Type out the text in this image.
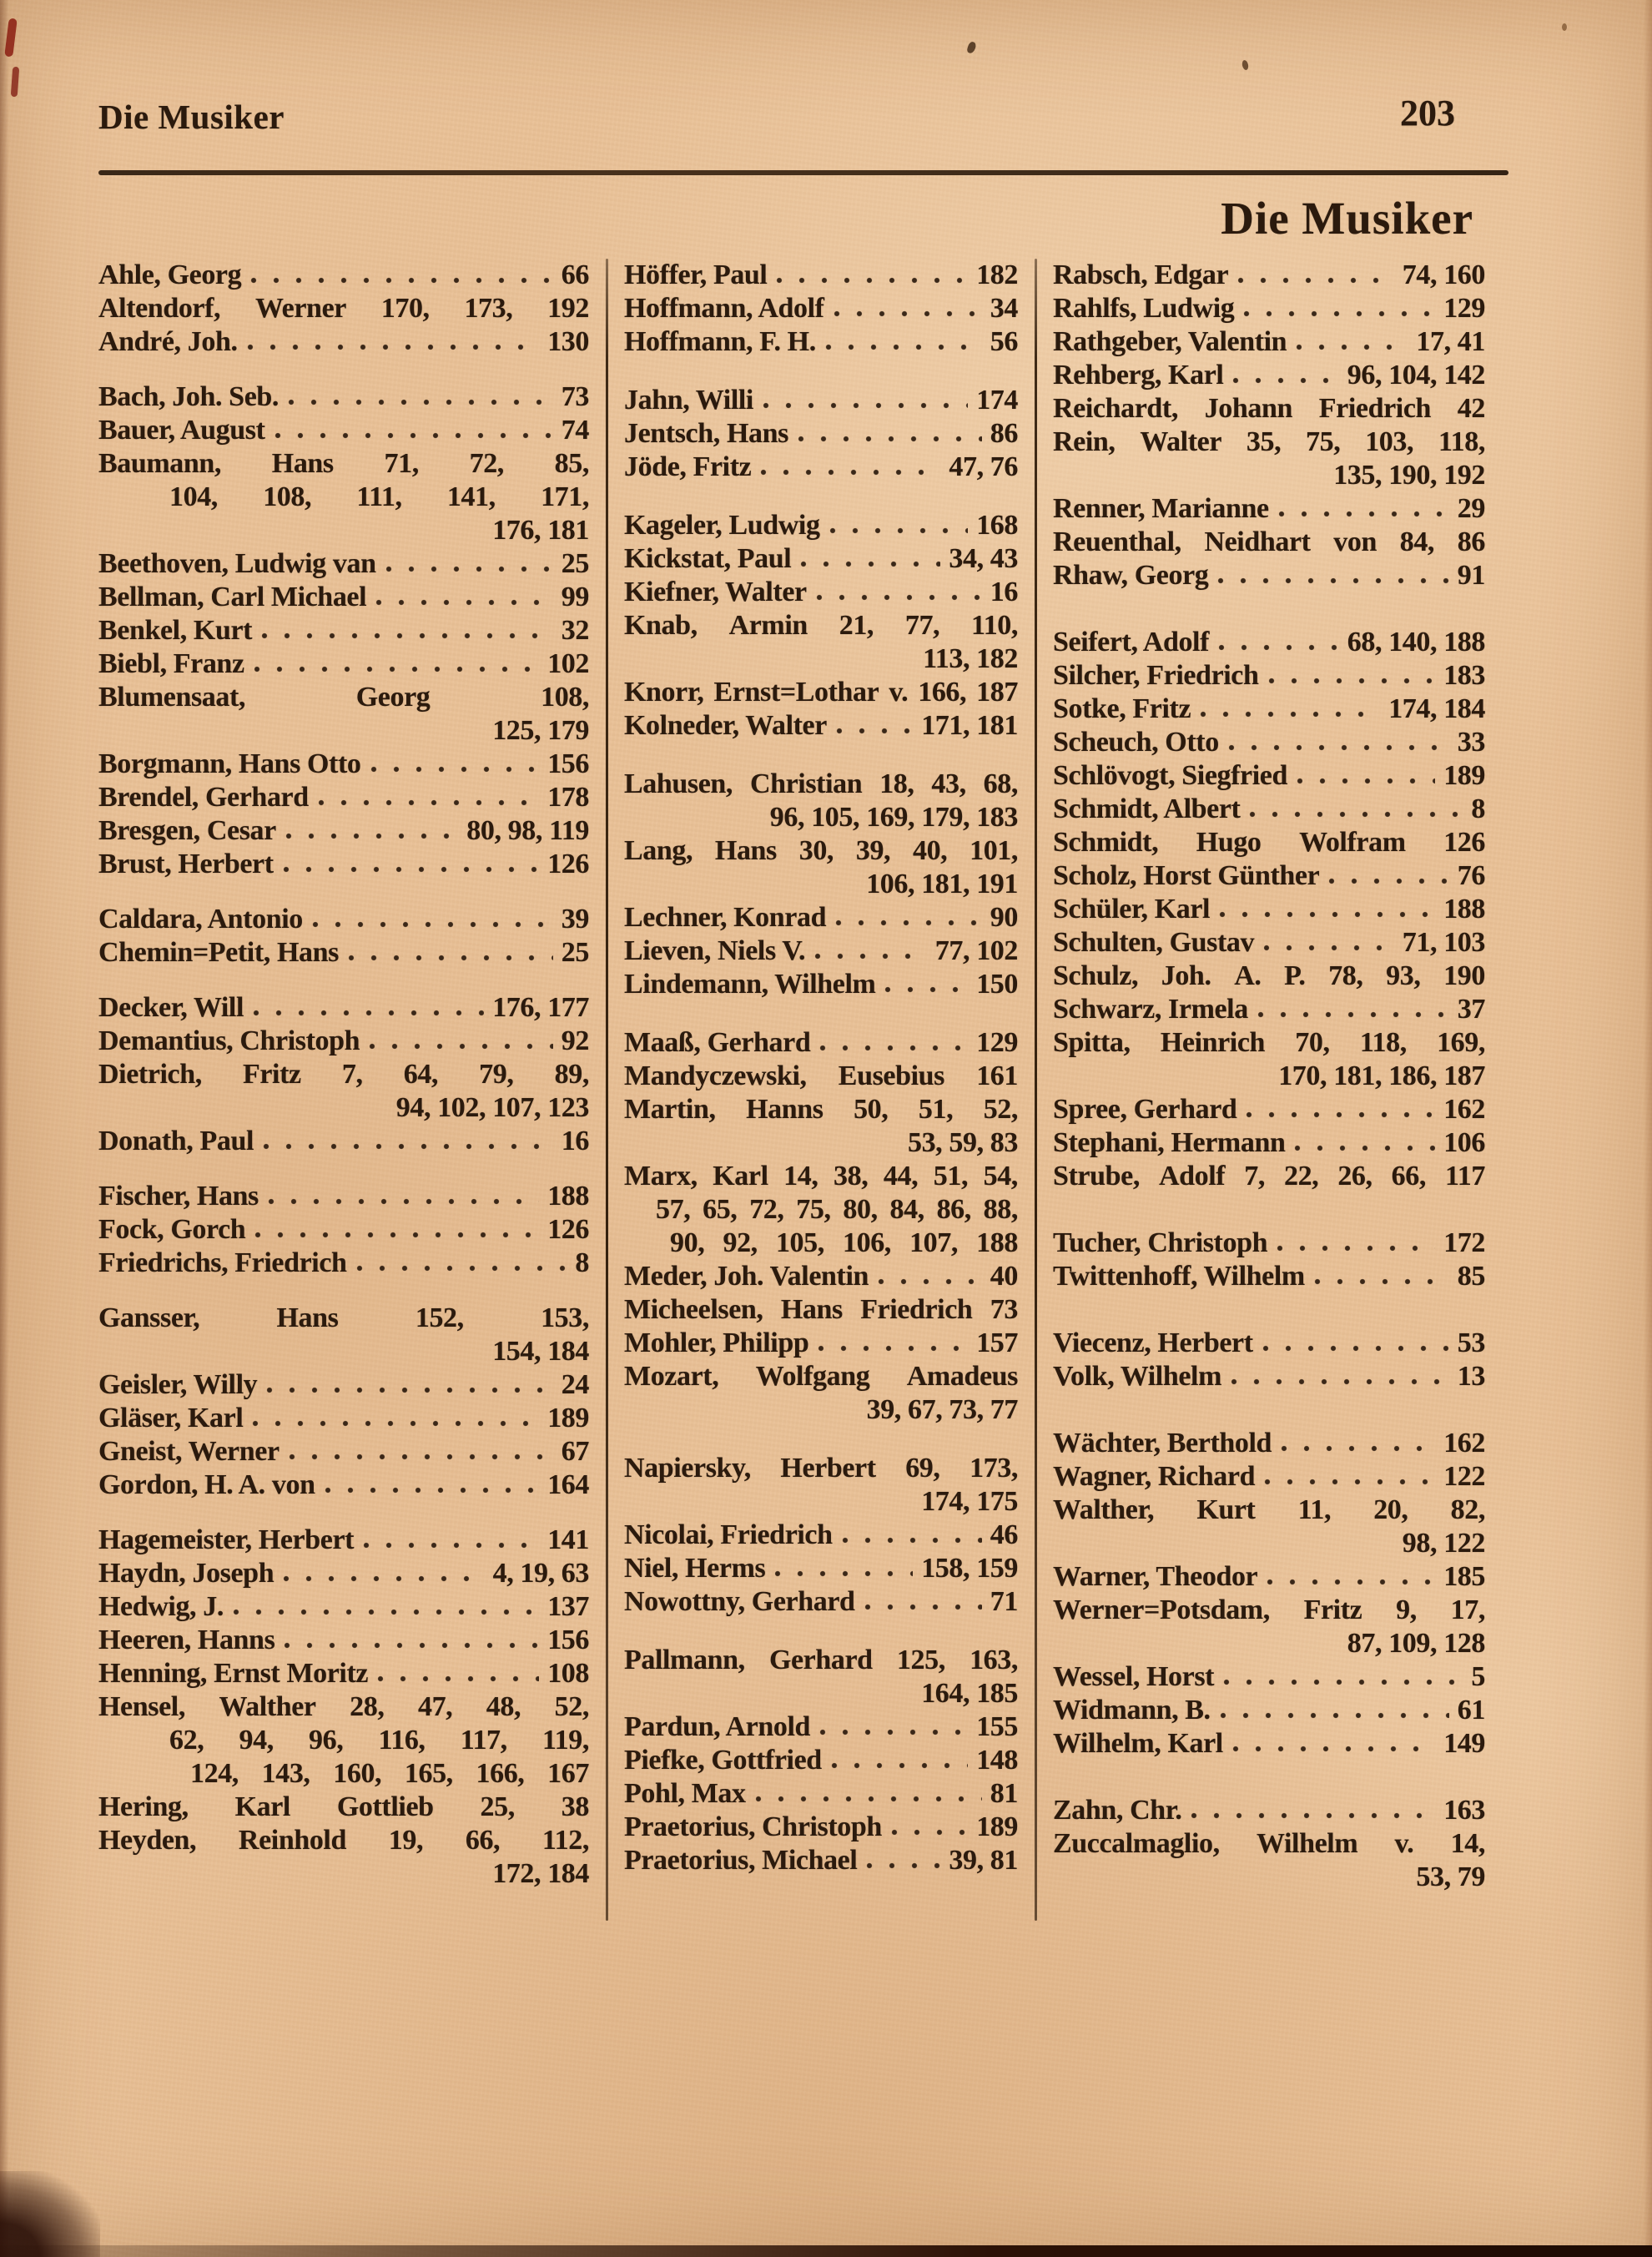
Die Musiker	203
Die Musiker
Ahle, Georg	66
Altendorf, Werner 170, 173, 192
André, Joh.	130
Bach, Joh. Seb.	73
Bauer, August	74
Baumann, Hans 71, 72, 85,
104, 108, 111, 141, 171,
176, 181
Beethoven, Ludwig van	25
Bellman, Carl Michael	99
Benkel, Kurt	32
Biebl, Franz	102
Blumensaat,	Georg	108,
125, 179
Borgmann, Hans Otto	156
Brendel, Gerhard	178
Bresgen, Cesar	80, 98, 119
Brust, Herbert	126
Caldara, Antonio	39
Chemin=Petit, Hans	25
Decker, Will	176, 177
Demantius, Christoph	92
Dietrich, Fritz 7, 64, 79, 89,
94, 102, 107, 123
Donath, Paul	16
Fischer, Hans	188
Fock, Gorch	126
Friedrichs, Friedrich	8
Gansser,	Hans	152,	153,
154, 184
Geisler, Willy	24
Gläser, Karl	189
Gneist, Werner	67
Gordon, H. A. von	164
Hagemeister, Herbert	141
Haydn, Joseph	4, 19, 63
Hedwig, J.	137
Heeren, Hanns	156
Henning, Ernst Moritz	108
Hensel, Walther 28, 47, 48, 52,
62, 94, 96, 116, 117, 119,
124, 143, 160, 165, 166, 167
Hering, Karl Gottlieb 25, 38
Heyden, Reinhold 19, 66, 112,
172, 184
Höffer, Paul	182
Hoffmann, Adolf	34
Hoffmann, F. H.	56
Jahn, Willi	174
Jentsch, Hans	86
Jöde, Fritz	47, 76
Kageler, Ludwig	168
Kickstat, Paul	34, 43
Kiefner, Walter	16
Knab, Armin 21, 77, 110,
113, 182
Knorr, Ernst=Lothar v. 166, 187
Kolneder, Walter	171, 181
Lahusen, Christian 18, 43, 68,
96, 105, 169, 179, 183
Lang, Hans 30, 39, 40, 101,
106, 181, 191
Lechner, Konrad	90
Lieven, Niels V.	77, 102
Lindemann, Wilhelm	150
Maaß, Gerhard	129
Mandyczewski, Eusebius 161
Martin, Hanns 50, 51, 52,
53, 59, 83
Marx, Karl 14, 38, 44, 51, 54,
57, 65, 72, 75, 80, 84, 86, 88,
90, 92, 105, 106, 107, 188
Meder, Joh. Valentin	40
Micheelsen, Hans Friedrich 73
Mohler, Philipp	157
Mozart, Wolfgang Amadeus
39, 67, 73, 77
Napiersky, Herbert 69, 173,
174, 175
Nicolai, Friedrich	46
Niel, Herms	158, 159
Nowottny, Gerhard	71
Pallmann, Gerhard 125, 163,
164, 185
Pardun, Arnold	155
Piefke, Gottfried	148
Pohl, Max	81
Praetorius, Christoph	189
Praetorius, Michael	39, 81
Rabsch, Edgar	74, 160
Rahlfs, Ludwig	129
Rathgeber, Valentin	17, 41
Rehberg, Karl	96, 104, 142
Reichardt, Johann Friedrich 42
Rein, Walter 35, 75, 103, 118,
135, 190, 192
Renner, Marianne	29
Reuenthal, Neidhart von 84, 86
Rhaw, Georg	91
Seifert, Adolf	68, 140, 188
Silcher, Friedrich	183
Sotke, Fritz	174, 184
Scheuch, Otto	33
Schlövogt, Siegfried	189
Schmidt, Albert	8
Schmidt, Hugo Wolfram 126
Scholz, Horst Günther	76
Schüler, Karl	188
Schulten, Gustav	71, 103
Schulz, Joh. A. P. 78, 93, 190
Schwarz, Irmela	37
Spitta, Heinrich 70, 118, 169,
170, 181, 186, 187
Spree, Gerhard	162
Stephani, Hermann	106
Strube, Adolf 7, 22, 26, 66, 117
Tucher, Christoph	172
Twittenhoff, Wilhelm	85
Viecenz, Herbert	53
Volk, Wilhelm	13
Wächter, Berthold	162
Wagner, Richard	122
Walther, Kurt 11, 20, 82,
98, 122
Warner, Theodor	185
Werner=Potsdam, Fritz 9, 17,
87, 109, 128
Wessel, Horst	5
Widmann, B.	61
Wilhelm, Karl	149
Zahn, Chr.	163
Zuccalmaglio, Wilhelm v. 14,
53, 79
